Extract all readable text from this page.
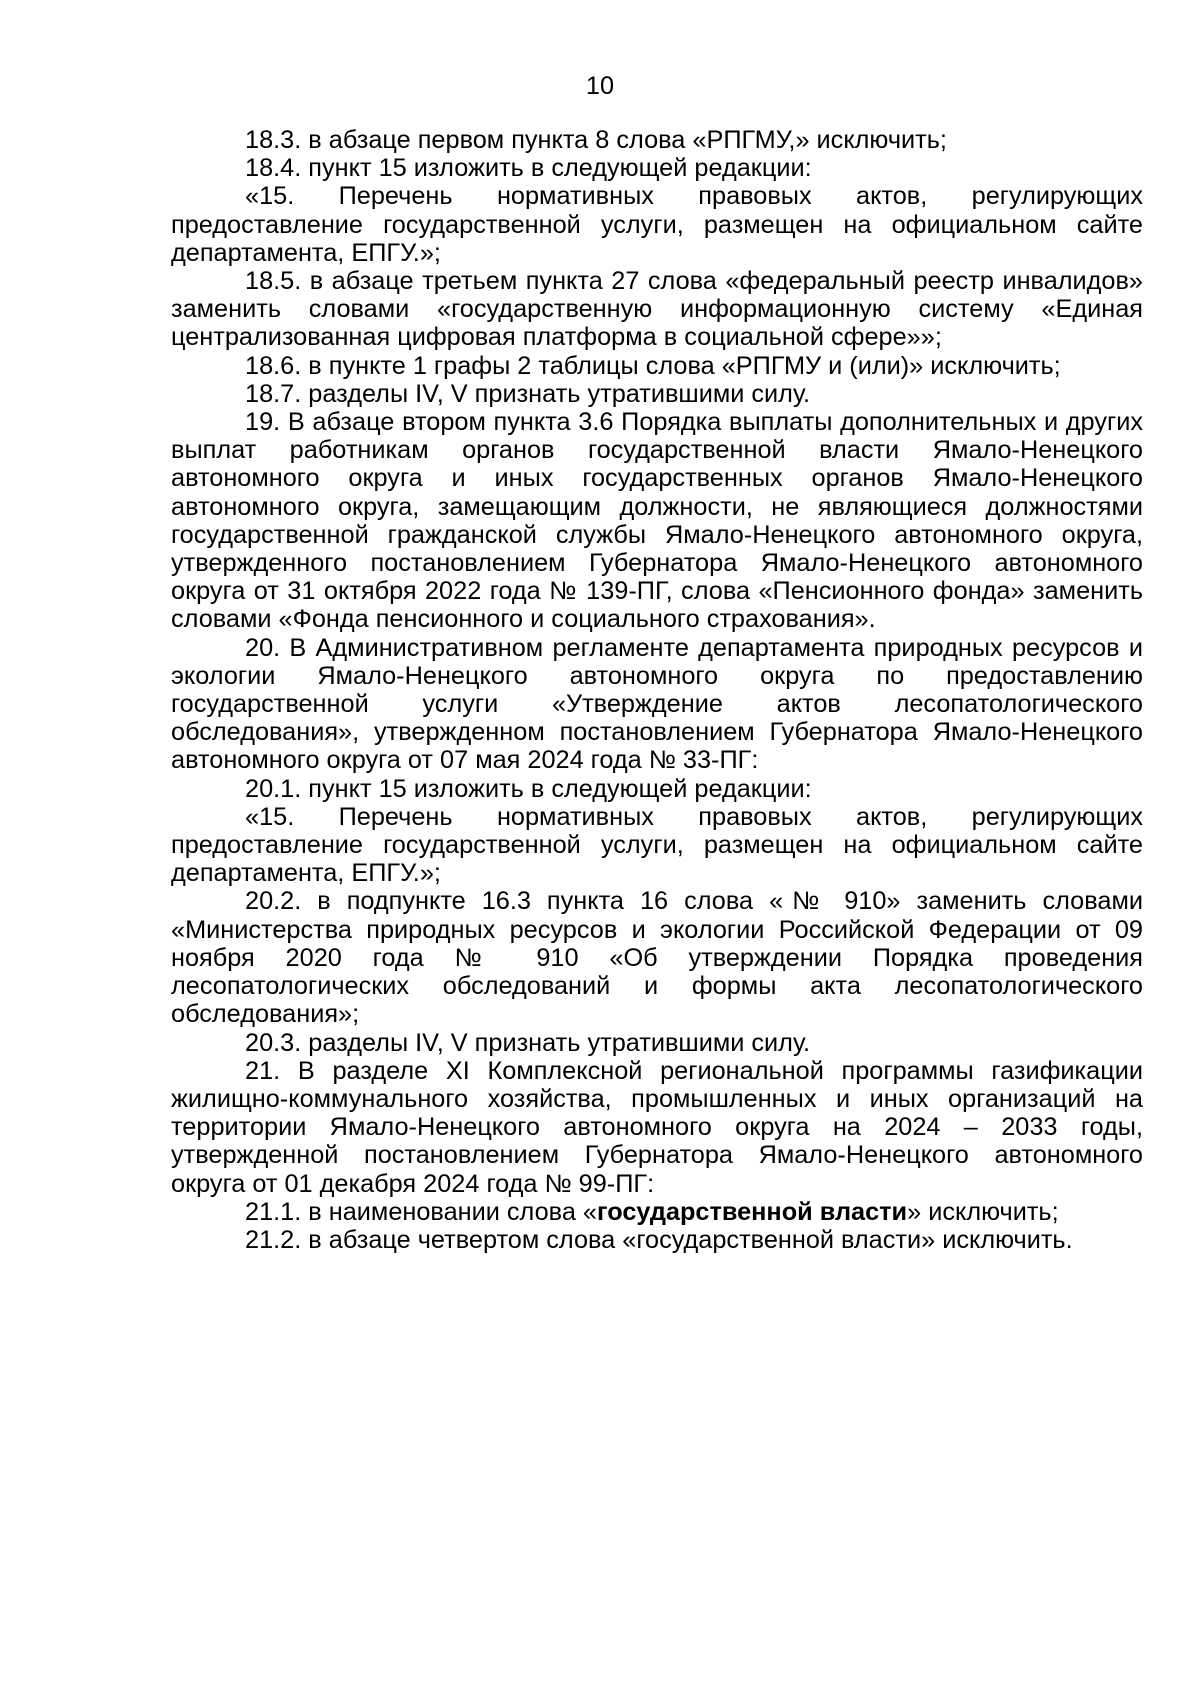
10

18.3. в абзаце первом пункта 8 слова «РПГМУ,» исключить;

18.4. пункт 15 изложить в следующей редакции:

«15. Перечень нормативных правовых актов, регулирующих предоставление государственной услуги, размещен на официальном сайте департамента, ЕПГУ.»;

18.5. в абзаце третьем пункта 27 слова «федеральный реестр инвалидов» заменить словами «государственную информационную систему «Единая централизованная цифровая платформа в социальной сфере»»;

18.6. в пункте 1 графы 2 таблицы слова «РПГМУ и (или)» исключить;

18.7. разделы IV, V признать утратившими силу.

19. В абзаце втором пункта 3.6 Порядка выплаты дополнительных и других выплат работникам органов государственной власти Ямало-Ненецкого автономного округа и иных государственных органов Ямало-Ненецкого автономного округа, замещающим должности, не являющиеся должностями государственной гражданской службы Ямало-Ненецкого автономного округа, утвержденного постановлением Губернатора Ямало-Ненецкого автономного округа от 31 октября 2022 года № 139-ПГ, слова «Пенсионного фонда» заменить словами «Фонда пенсионного и социального страхования».

20. В Административном регламенте департамента природных ресурсов и экологии Ямало-Ненецкого автономного округа по предоставлению государственной услуги «Утверждение актов лесопатологического обследования», утвержденном постановлением Губернатора Ямало-Ненецкого автономного округа от 07 мая 2024 года № 33-ПГ:

20.1. пункт 15 изложить в следующей редакции:

«15. Перечень нормативных правовых актов, регулирующих предоставление государственной услуги, размещен на официальном сайте департамента, ЕПГУ.»;

20.2. в подпункте 16.3 пункта 16 слова «№ 910» заменить словами «Министерства природных ресурсов и экологии Российской Федерации от 09 ноября 2020 года № 910 «Об утверждении Порядка проведения лесопатологических обследований и формы акта лесопатологического обследования»;

20.3. разделы IV, V признать утратившими силу.

21. В разделе XI Комплексной региональной программы газификации жилищно-коммунального хозяйства, промышленных и иных организаций на территории Ямало-Ненецкого автономного округа на 2024 – 2033 годы, утвержденной постановлением Губернатора Ямало-Ненецкого автономного округа от 01 декабря 2024 года № 99-ПГ:

21.1. в наименовании слова «государственной власти» исключить;

21.2. в абзаце четвертом слова «государственной власти» исключить.
